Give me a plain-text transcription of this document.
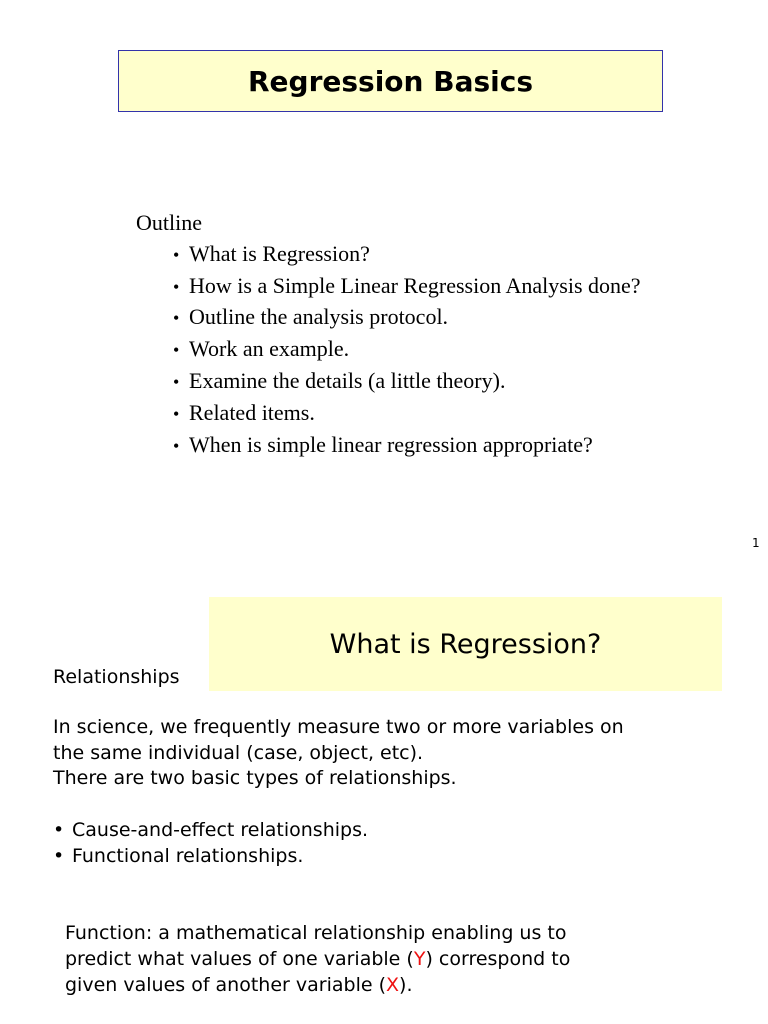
Regression Basics
Outline
• What is Regression?
• How is a Simple Linear Regression Analysis done?
• Outline the analysis protocol.
• Work an example.
• Examine the details (a little theory).
• Related items.
• When is simple linear regression appropriate?
1
What is Regression?
Relationships

In science, we frequently measure two or more variables on

the same individual (case, object, etc).

There are two basic types of relationships.

• Cause-and-effect relationships.
• Functional relationships.

Function: a mathematical relationship enabling us to

predict what values of one variable (Y) correspond to

given values of another variable (X).
